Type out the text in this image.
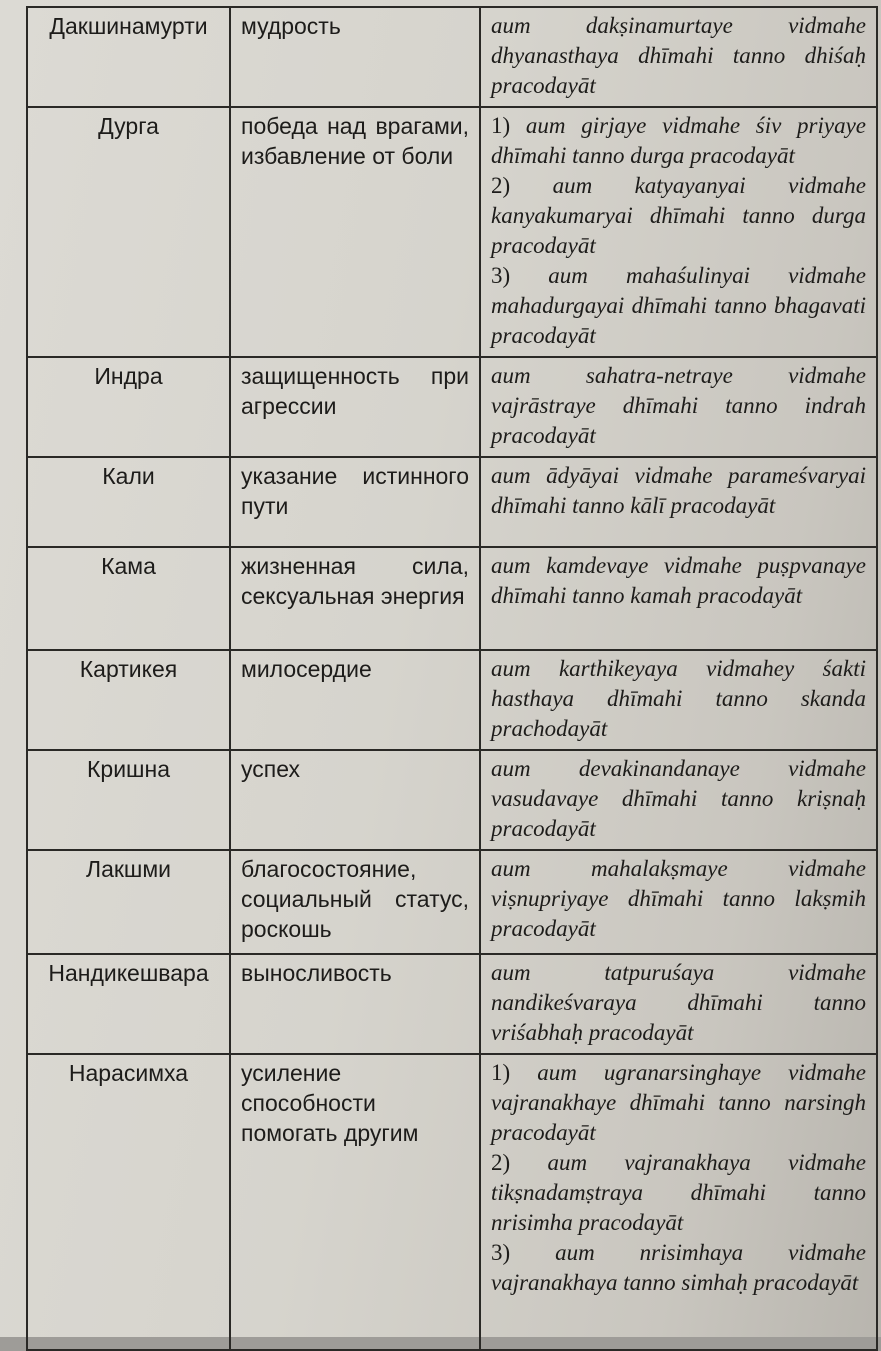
Дакшинамурти	мудрость	aum dakṣinamurtaye vidmahe dhyanasthaya dhīmahi tanno dhiśaḥ pracodayāt

Дурга	победа над врагами, избавление от боли	1) aum girjaye vidmahe śiv priyaye dhīmahi tanno durga pracodayāt

2) aum katyayanyai vidmahe kanyakumaryai dhīmahi tanno durga pracodayāt

3) aum mahaśulinyai vidmahe mahadurgayai dhīmahi tanno bhagavati pracodayāt

Индра	защищенность при агрессии	aum sahatra-netraye vidmahe vajrāstraye dhīmahi tanno indrah pracodayāt

Кали	указание истинного пути	aum ādyāyai vidmahe parameśvaryai dhīmahi tanno kālī pracodayāt

Кама	жизненная сила, сексуальная энергия	aum kamdevaye vidmahe puṣpvanaye dhīmahi tanno kamah pracodayāt

Картикея	милосердие	aum karthikeyaya vidmahey śakti hasthaya dhīmahi tanno skanda prachodayāt

Кришна	успех	aum devakinandanaye vidmahe vasudavaye dhīmahi tanno kriṣnaḥ pracodayāt

Лакшми	благосостояние, социальный статус, роскошь	aum mahalakṣmaye vidmahe viṣnupriyaye dhīmahi tanno lakṣmih pracodayāt

Нандикешвара	выносливость	aum tatpuruśaya vidmahe nandikeśvaraya dhīmahi tanno vriśabhaḥ pracodayāt

Нарасимха	усиление способности помогать другим	1) aum ugranarsinghaye vidmahe vajranakhaye dhīmahi tanno narsingh pracodayāt

2) aum vajranakhaya vidmahe tikṣnadamṣtraya dhīmahi tanno nrisimha pracodayāt

3) aum nrisimhaya vidmahe vajranakhaya tanno simhaḥ pracodayāt
